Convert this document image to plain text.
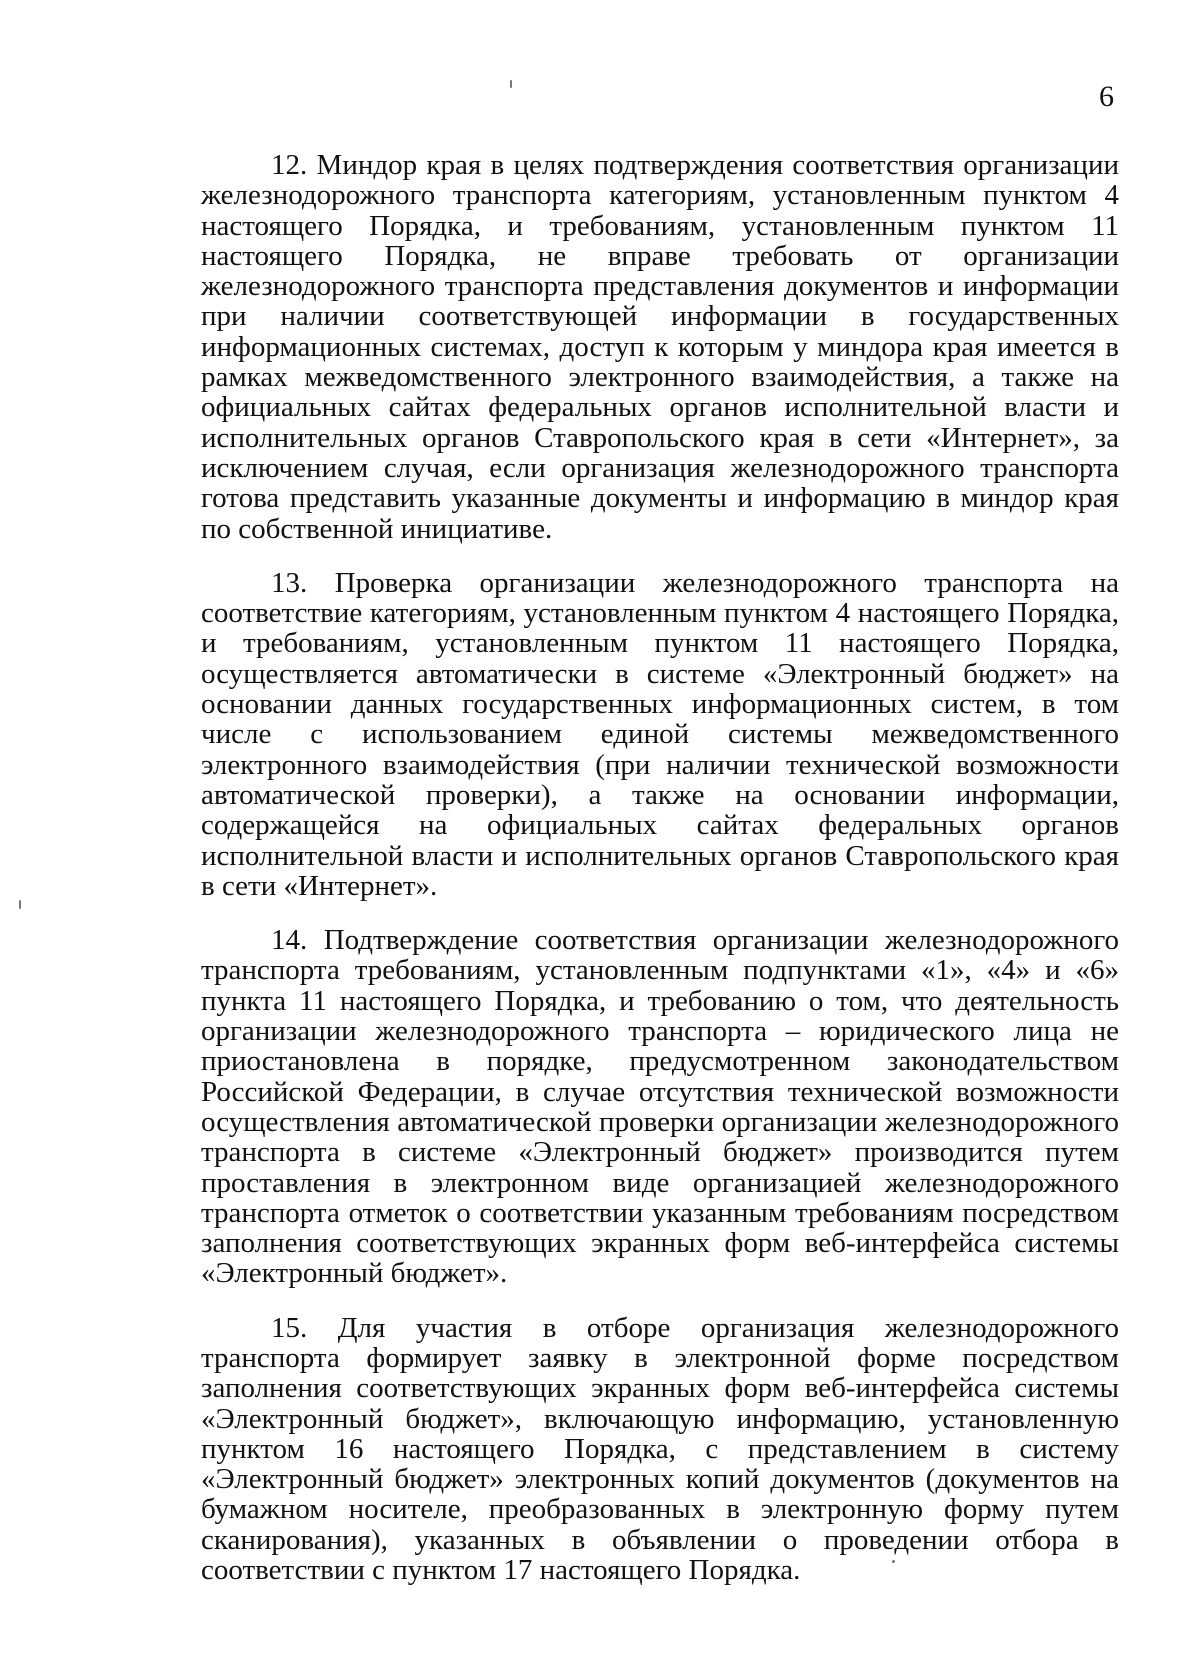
6

12. Миндор края в целях подтверждения соответствия организации железнодорожного транспорта категориям, установленным пунктом 4 настоящего Порядка, и требованиям, установленным пунктом 11 настоящего Порядка, не вправе требовать от организации железнодорожного транспорта представления документов и информации при наличии соответствующей информации в государственных информационных системах, доступ к которым у миндора края имеется в рамках межведомственного электронного взаимодействия, а также на официальных сайтах федеральных органов исполнительной власти и исполнительных органов Ставропольского края в сети «Интернет», за исключением случая, если организация железнодорожного транспорта готова представить указанные документы и информацию в миндор края по собственной инициативе.

13. Проверка организации железнодорожного транспорта на соответствие категориям, установленным пунктом 4 настоящего Порядка, и требованиям, установленным пунктом 11 настоящего Порядка, осуществляется автоматически в системе «Электронный бюджет» на основании данных государственных информационных систем, в том числе с использованием единой системы межведомственного электронного взаимодействия (при наличии технической возможности автоматической проверки), а также на основании информации, содержащейся на официальных сайтах федеральных органов исполнительной власти и исполнительных органов Ставропольского края в сети «Интернет».

14. Подтверждение соответствия организации железнодорожного транспорта требованиям, установленным подпунктами «1», «4» и «6» пункта 11 настоящего Порядка, и требованию о том, что деятельность организации железнодорожного транспорта – юридического лица не приостановлена в порядке, предусмотренном законодательством Российской Федерации, в случае отсутствия технической возможности осуществления автоматической проверки организации железнодорожного транспорта в системе «Электронный бюджет» производится путем проставления в электронном виде организацией железнодорожного транспорта отметок о соответствии указанным требованиям посредством заполнения соответствующих экранных форм веб-интерфейса системы «Электронный бюджет».

15. Для участия в отборе организация железнодорожного транспорта формирует заявку в электронной форме посредством заполнения соответствующих экранных форм веб-интерфейса системы «Электронный бюджет», включающую информацию, установленную пунктом 16 настоящего Порядка, с представлением в систему «Электронный бюджет» электронных копий документов (документов на бумажном носителе, преобразованных в электронную форму путем сканирования), указанных в объявлении о проведении отбора в соответствии с пунктом 17 настоящего Порядка.
